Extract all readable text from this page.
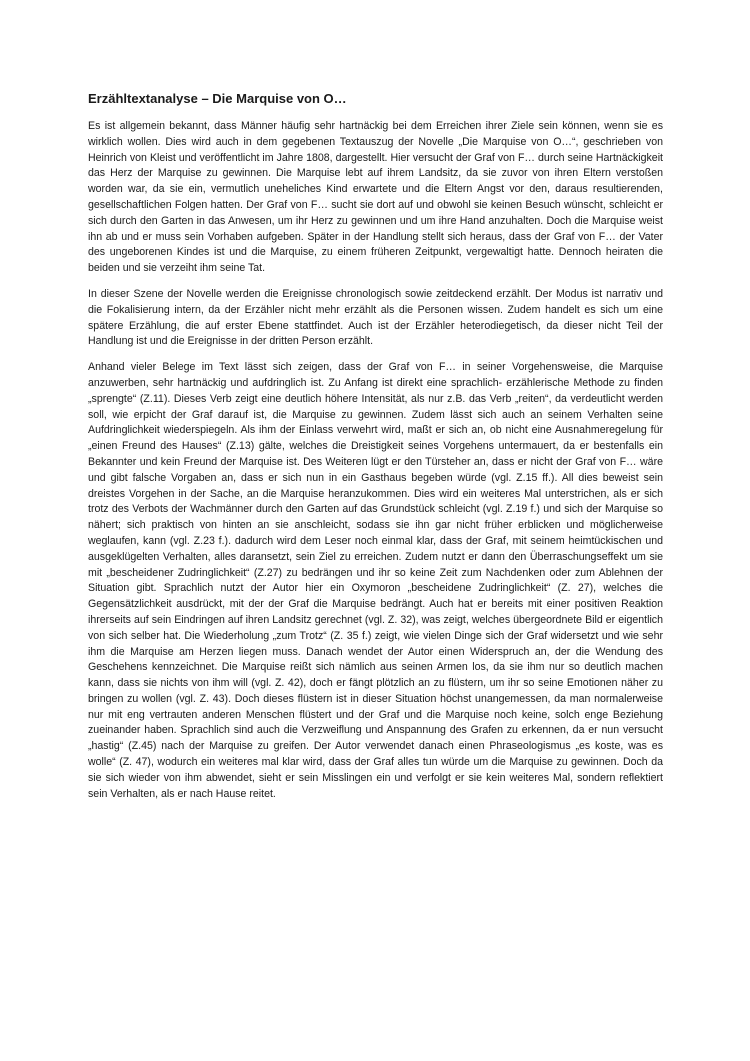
Erzähltextanalyse – Die Marquise von O…

Es ist allgemein bekannt, dass Männer häufig sehr hartnäckig bei dem Erreichen ihrer Ziele sein können, wenn sie es wirklich wollen. Dies wird auch in dem gegebenen Textauszug der Novelle „Die Marquise von O…“, geschrieben von Heinrich von Kleist und veröffentlicht im Jahre 1808, dargestellt. Hier versucht der Graf von F… durch seine Hartnäckigkeit das Herz der Marquise zu gewinnen. Die Marquise lebt auf ihrem Landsitz, da sie zuvor von ihren Eltern verstoßen worden war, da sie ein, vermutlich uneheliches Kind erwartete und die Eltern Angst vor den, daraus resultierenden, gesellschaftlichen Folgen hatten. Der Graf von F… sucht sie dort auf und obwohl sie keinen Besuch wünscht, schleicht er sich durch den Garten in das Anwesen, um ihr Herz zu gewinnen und um ihre Hand anzuhalten. Doch die Marquise weist ihn ab und er muss sein Vorhaben aufgeben. Später in der Handlung stellt sich heraus, dass der Graf von F… der Vater des ungeborenen Kindes ist und die Marquise, zu einem früheren Zeitpunkt, vergewaltigt hatte. Dennoch heiraten die beiden und sie verzeiht ihm seine Tat.

In dieser Szene der Novelle werden die Ereignisse chronologisch sowie zeitdeckend erzählt. Der Modus ist narrativ und die Fokalisierung intern, da der Erzähler nicht mehr erzählt als die Personen wissen. Zudem handelt es sich um eine spätere Erzählung, die auf erster Ebene stattfindet. Auch ist der Erzähler heterodiegetisch, da dieser nicht Teil der Handlung ist und die Ereignisse in der dritten Person erzählt.

Anhand vieler Belege im Text lässt sich zeigen, dass der Graf von F… in seiner Vorgehensweise, die Marquise anzuwerben, sehr hartnäckig und aufdringlich ist. Zu Anfang ist direkt eine sprachlich- erzählerische Methode zu finden „sprengte“ (Z.11). Dieses Verb zeigt eine deutlich höhere Intensität, als nur z.B. das Verb „reiten“, da verdeutlicht werden soll, wie erpicht der Graf darauf ist, die Marquise zu gewinnen. Zudem lässt sich auch an seinem Verhalten seine Aufdringlichkeit wiederspiegeln. Als ihm der Einlass verwehrt wird, maßt er sich an, ob nicht eine Ausnahmeregelung für „einen Freund des Hauses“ (Z.13) gälte, welches die Dreistigkeit seines Vorgehens untermauert, da er bestenfalls ein Bekannter und kein Freund der Marquise ist. Des Weiteren lügt er den Türsteher an, dass er nicht der Graf von F… wäre und gibt falsche Vorgaben an, dass er sich nun in ein Gasthaus begeben würde (vgl. Z.15 ff.). All dies beweist sein dreistes Vorgehen in der Sache, an die Marquise heranzukommen. Dies wird ein weiteres Mal unterstrichen, als er sich trotz des Verbots der Wachmänner durch den Garten auf das Grundstück schleicht (vgl. Z.19 f.) und sich der Marquise so nähert; sich praktisch von hinten an sie anschleicht, sodass sie ihn gar nicht früher erblicken und möglicherweise weglaufen, kann (vgl. Z.23 f.). dadurch wird dem Leser noch einmal klar, dass der Graf, mit seinem heimtückischen und ausgeklügelten Verhalten, alles daransetzt, sein Ziel zu erreichen. Zudem nutzt er dann den Überraschungseffekt um sie mit „bescheidener Zudringlichkeit“ (Z.27) zu bedrängen und ihr so keine Zeit zum Nachdenken oder zum Ablehnen der Situation gibt. Sprachlich nutzt der Autor hier ein Oxymoron „bescheidene Zudringlichkeit“ (Z. 27), welches die Gegensätzlichkeit ausdrückt, mit der der Graf die Marquise bedrängt. Auch hat er bereits mit einer positiven Reaktion ihrerseits auf sein Eindringen auf ihren Landsitz gerechnet (vgl. Z. 32), was zeigt, welches übergeordnete Bild er eigentlich von sich selber hat. Die Wiederholung „zum Trotz“ (Z. 35 f.) zeigt, wie vielen Dinge sich der Graf widersetzt und wie sehr ihm die Marquise am Herzen liegen muss. Danach wendet der Autor einen Widerspruch an, der die Wendung des Geschehens kennzeichnet. Die Marquise reißt sich nämlich aus seinen Armen los, da sie ihm nur so deutlich machen kann, dass sie nichts von ihm will (vgl. Z. 42), doch er fängt plötzlich an zu flüstern, um ihr so seine Emotionen näher zu bringen zu wollen (vgl. Z. 43). Doch dieses flüstern ist in dieser Situation höchst unangemessen, da man normalerweise nur mit eng vertrauten anderen Menschen flüstert und der Graf und die Marquise noch keine, solch enge Beziehung zueinander haben. Sprachlich sind auch die Verzweiflung und Anspannung des Grafen zu erkennen, da er nun versucht „hastig“ (Z.45) nach der Marquise zu greifen. Der Autor verwendet danach einen Phraseologismus „es koste, was es wolle“ (Z. 47), wodurch ein weiteres mal klar wird, dass der Graf alles tun würde um die Marquise zu gewinnen. Doch da sie sich wieder von ihm abwendet, sieht er sein Misslingen ein und verfolgt er sie kein weiteres Mal, sondern reflektiert sein Verhalten, als er nach Hause reitet.
